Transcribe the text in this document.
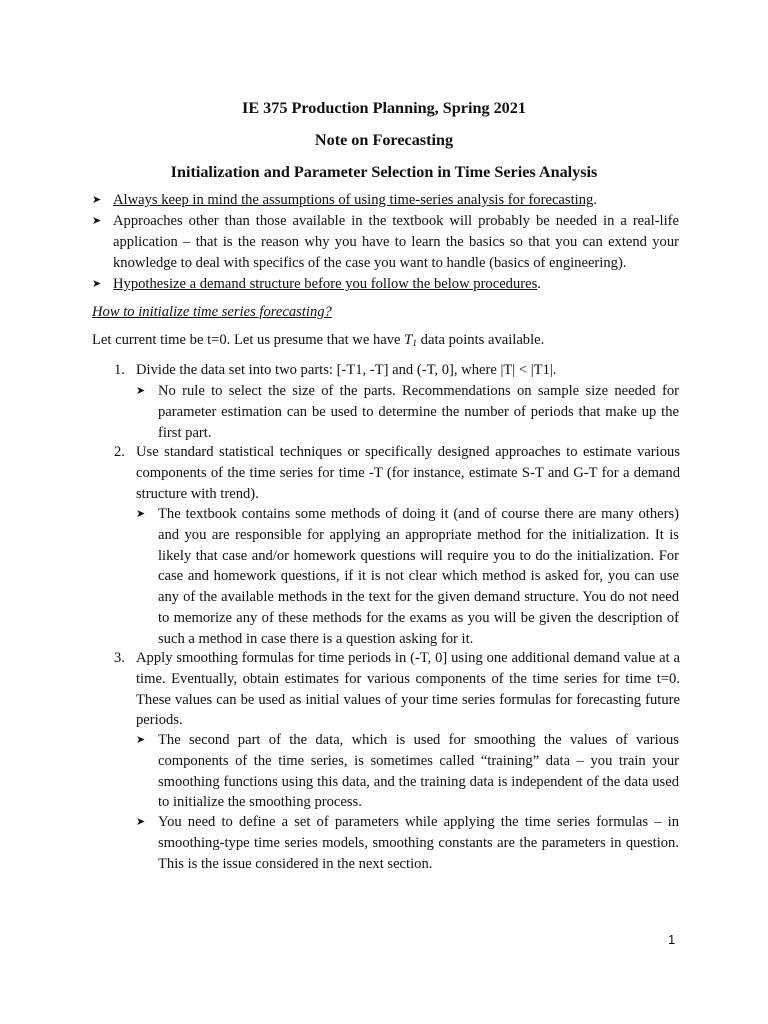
IE 375 Production Planning, Spring 2021
Note on Forecasting
Initialization and Parameter Selection in Time Series Analysis
➤ Always keep in mind the assumptions of using time-series analysis for forecasting.
➤ Approaches other than those available in the textbook will probably be needed in a real-life application – that is the reason why you have to learn the basics so that you can extend your knowledge to deal with specifics of the case you want to handle (basics of engineering).
➤ Hypothesize a demand structure before you follow the below procedures.
How to initialize time series forecasting?
Let current time be t=0. Let us presume that we have $T_1$ data points available.
1. Divide the data set into two parts: [-T1, -T] and (-T, 0], where |T| < |T1|.
➤ No rule to select the size of the parts. Recommendations on sample size needed for parameter estimation can be used to determine the number of periods that make up the first part.
2. Use standard statistical techniques or specifically designed approaches to estimate various components of the time series for time -T (for instance, estimate S-T and G-T for a demand structure with trend).
➤ The textbook contains some methods of doing it (and of course there are many others) and you are responsible for applying an appropriate method for the initialization. It is likely that case and/or homework questions will require you to do the initialization. For case and homework questions, if it is not clear which method is asked for, you can use any of the available methods in the text for the given demand structure. You do not need to memorize any of these methods for the exams as you will be given the description of such a method in case there is a question asking for it.
3. Apply smoothing formulas for time periods in (-T, 0] using one additional demand value at a time. Eventually, obtain estimates for various components of the time series for time t=0. These values can be used as initial values of your time series formulas for forecasting future periods.
➤ The second part of the data, which is used for smoothing the values of various components of the time series, is sometimes called “training” data – you train your smoothing functions using this data, and the training data is independent of the data used to initialize the smoothing process.
➤ You need to define a set of parameters while applying the time series formulas – in smoothing-type time series models, smoothing constants are the parameters in question. This is the issue considered in the next section.
1
